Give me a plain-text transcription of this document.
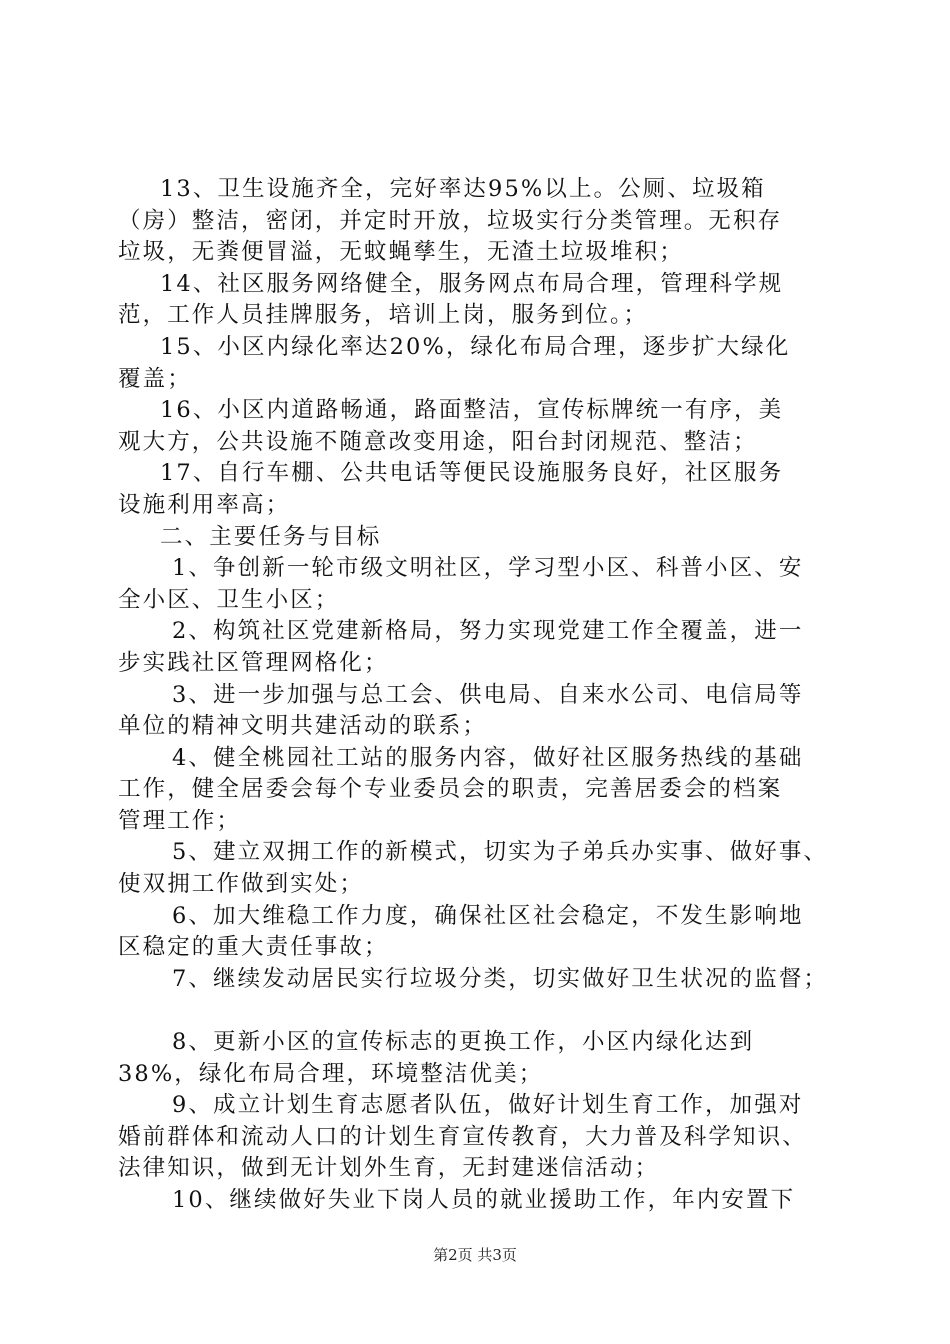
13、卫生设施齐全，完好率达95%以上。公厕、垃圾箱
（房）整洁，密闭，并定时开放，垃圾实行分类管理。无积存
垃圾，无粪便冒溢，无蚊蝇孳生，无渣土垃圾堆积；
14、社区服务网络健全，服务网点布局合理，管理科学规
范，工作人员挂牌服务，培训上岗，服务到位。；
15、小区内绿化率达20%，绿化布局合理，逐步扩大绿化
覆盖；
16、小区内道路畅通，路面整洁，宣传标牌统一有序，美
观大方，公共设施不随意改变用途，阳台封闭规范、整洁；
17、自行车棚、公共电话等便民设施服务良好，社区服务
设施利用率高；
二、主要任务与目标
1、争创新一轮市级文明社区，学习型小区、科普小区、安
全小区、卫生小区；
2、构筑社区党建新格局，努力实现党建工作全覆盖，进一
步实践社区管理网格化；
3、进一步加强与总工会、供电局、自来水公司、电信局等
单位的精神文明共建活动的联系；
4、健全桃园社工站的服务内容，做好社区服务热线的基础
工作，健全居委会每个专业委员会的职责，完善居委会的档案
管理工作；
5、建立双拥工作的新模式，切实为子弟兵办实事、做好事、
使双拥工作做到实处；
6、加大维稳工作力度，确保社区社会稳定，不发生影响地
区稳定的重大责任事故；
7、继续发动居民实行垃圾分类，切实做好卫生状况的监督；
8、更新小区的宣传标志的更换工作，小区内绿化达到
38%，绿化布局合理，环境整洁优美；
9、成立计划生育志愿者队伍，做好计划生育工作，加强对
婚前群体和流动人口的计划生育宣传教育，大力普及科学知识、
法律知识，做到无计划外生育，无封建迷信活动；
10、继续做好失业下岗人员的就业援助工作，年内安置下
第2页 共3页
